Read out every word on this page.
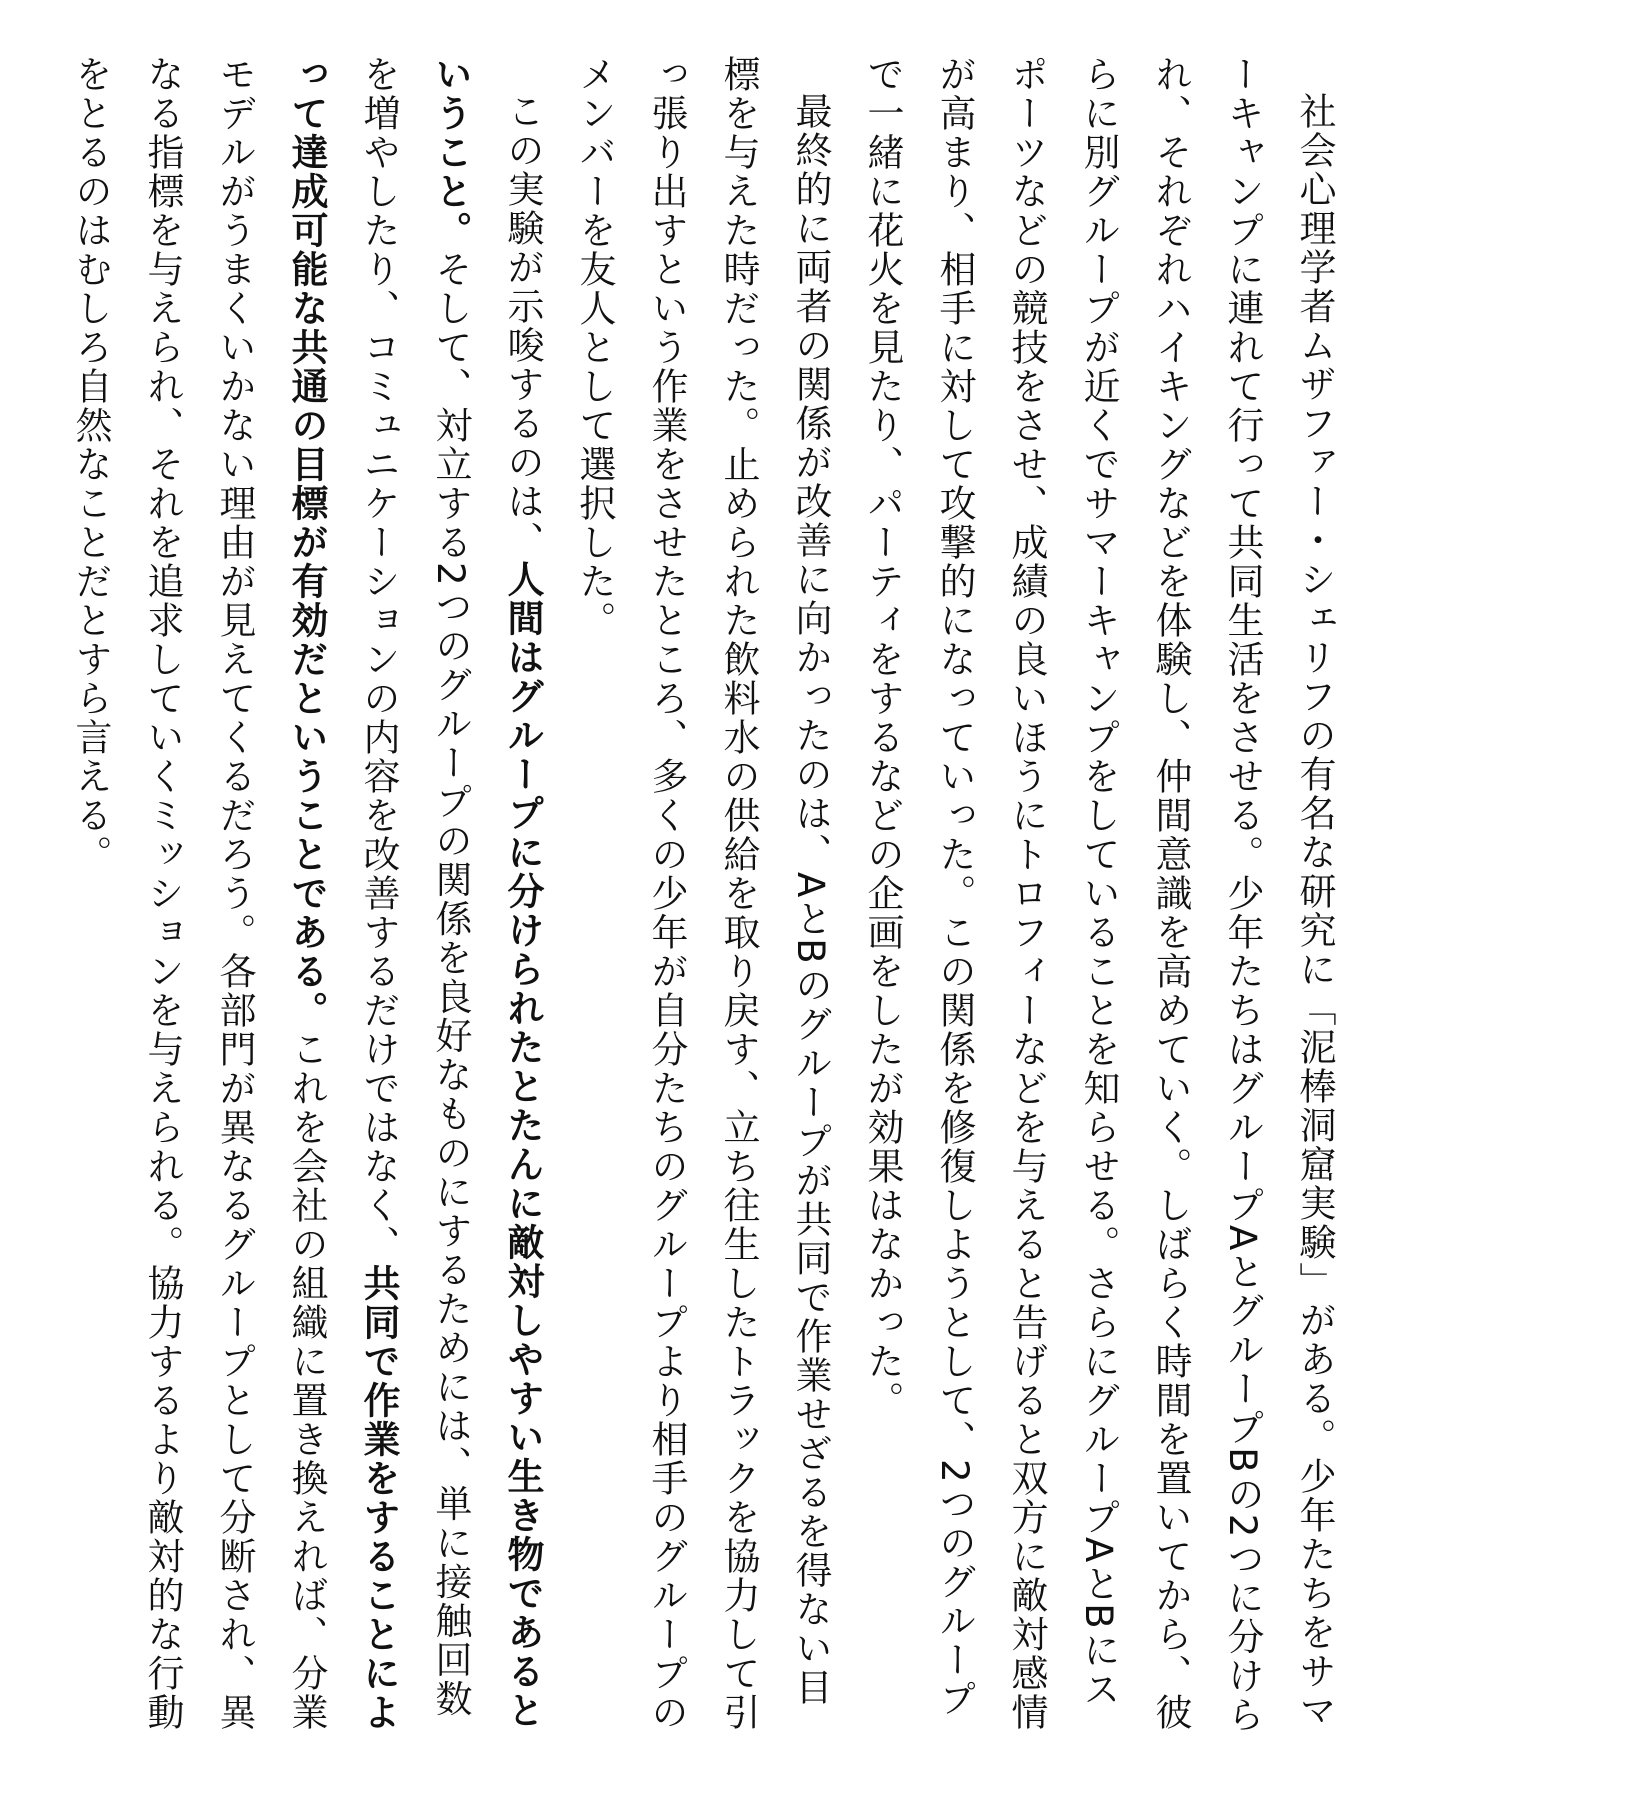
社会心理学者ムザファー・シェリフの有名な研究に「泥棒洞窟実験」がある。少年たちをサマーキャンプに連れて行って共同生活をさせる。少年たちはグループAとグループBの2つに分けられ、それぞれハイキングなどを体験し、仲間意識を高めていく。しばらく時間を置いてから、彼らに別グループが近くでサマーキャンプをしていることを知らせる。さらにグループAとBにスポーツなどの競技をさせ、成績の良いほうにトロフィーなどを与えると告げると双方に敵対感情が高まり、相手に対して攻撃的になっていった。この関係を修復しようとして、2つのグループで一緒に花火を見たり、パーティをするなどの企画をしたが効果はなかった。

最終的に両者の関係が改善に向かったのは、AとBのグループが共同で作業せざるを得ない目標を与えた時だった。止められた飲料水の供給を取り戻す、立ち往生したトラックを協力して引っ張り出すという作業をさせたところ、多くの少年が自分たちのグループより相手のグループのメンバーを友人として選択した。

この実験が示唆するのは、人間はグループに分けられたとたんに敵対しやすい生き物であるということ。そして、対立する2つのグループの関係を良好なものにするためには、単に接触回数を増やしたり、コミュニケーションの内容を改善するだけではなく、共同で作業をすることによって達成可能な共通の目標が有効だということである。これを会社の組織に置き換えれば、分業モデルがうまくいかない理由が見えてくるだろう。各部門が異なるグループとして分断され、異なる指標を与えられ、それを追求していくミッションを与えられる。協力するより敵対的な行動をとるのはむしろ自然なことだとすら言える。
